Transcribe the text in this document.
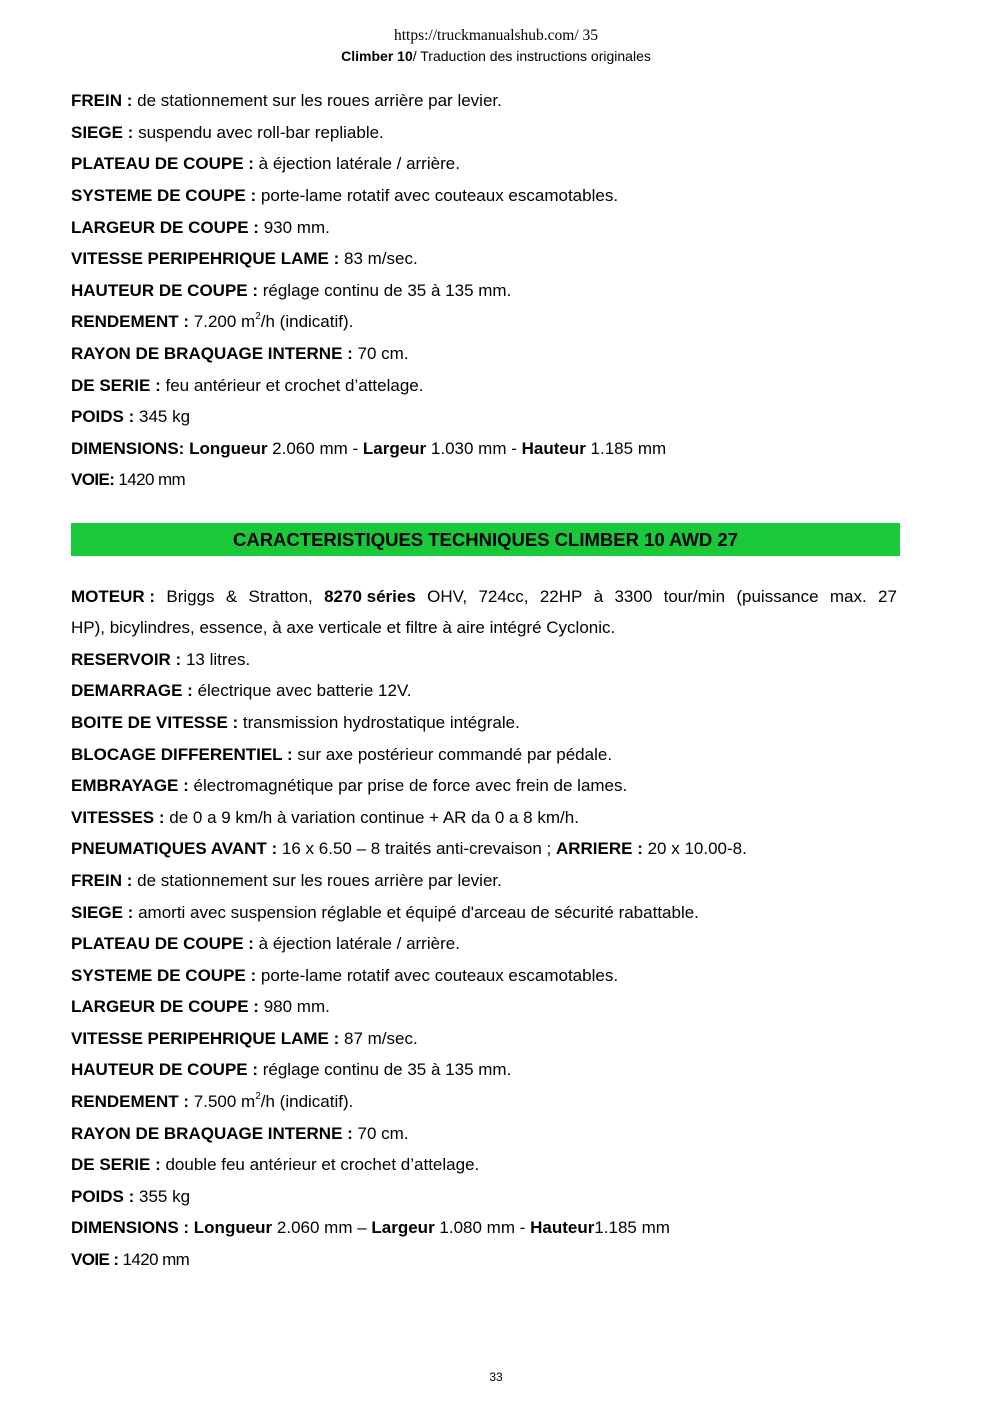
https://truckmanualshub.com/ 35
Climber 10/ Traduction des instructions originales
FREIN : de stationnement sur les roues arrière par levier.
SIEGE : suspendu avec roll-bar repliable.
PLATEAU DE COUPE : à éjection latérale / arrière.
SYSTEME DE COUPE : porte-lame rotatif avec couteaux escamotables.
LARGEUR DE COUPE : 930 mm.
VITESSE PERIPEHRIQUE LAME : 83 m/sec.
HAUTEUR DE COUPE : réglage continu de 35 à 135 mm.
RENDEMENT : 7.200 $m^2/h$ (indicatif).
RAYON DE BRAQUAGE INTERNE : 70 cm.
DE SERIE : feu antérieur et crochet d’attelage.
POIDS : 345 kg
DIMENSIONS: Longueur 2.060 mm - Largeur 1.030 mm - Hauteur 1.185 mm
VOIE: 1420 mm
CARACTERISTIQUES TECHNIQUES CLIMBER 10 AWD 27
MOTEUR : Briggs & Stratton, 8270 séries OHV, 724cc, 22HP à 3300 tour/min (puissance max. 27
HP), bicylindres, essence, à axe verticale et filtre à aire intégré Cyclonic.
RESERVOIR : 13 litres.
DEMARRAGE : électrique avec batterie 12V.
BOITE DE VITESSE : transmission hydrostatique intégrale.
BLOCAGE DIFFERENTIEL : sur axe postérieur commandé par pédale.
EMBRAYAGE : électromagnétique par prise de force avec frein de lames.
VITESSES : de 0 a 9 km/h à variation continue + AR da 0 a 8 km/h.
PNEUMATIQUES AVANT : 16 x 6.50 – 8 traités anti-crevaison ; ARRIERE : 20 x 10.00-8.
FREIN : de stationnement sur les roues arrière par levier.
SIEGE : amorti avec suspension réglable et équipé d'arceau de sécurité rabattable.
PLATEAU DE COUPE : à éjection latérale / arrière.
SYSTEME DE COUPE : porte-lame rotatif avec couteaux escamotables.
LARGEUR DE COUPE : 980 mm.
VITESSE PERIPEHRIQUE LAME : 87 m/sec.
HAUTEUR DE COUPE : réglage continu de 35 à 135 mm.
RENDEMENT : 7.500 $m^2/h$ (indicatif).
RAYON DE BRAQUAGE INTERNE : 70 cm.
DE SERIE : double feu antérieur et crochet d’attelage.
POIDS : 355 kg
DIMENSIONS : Longueur 2.060 mm – Largeur 1.080 mm - Hauteur1.185 mm
VOIE : 1420 mm
33
